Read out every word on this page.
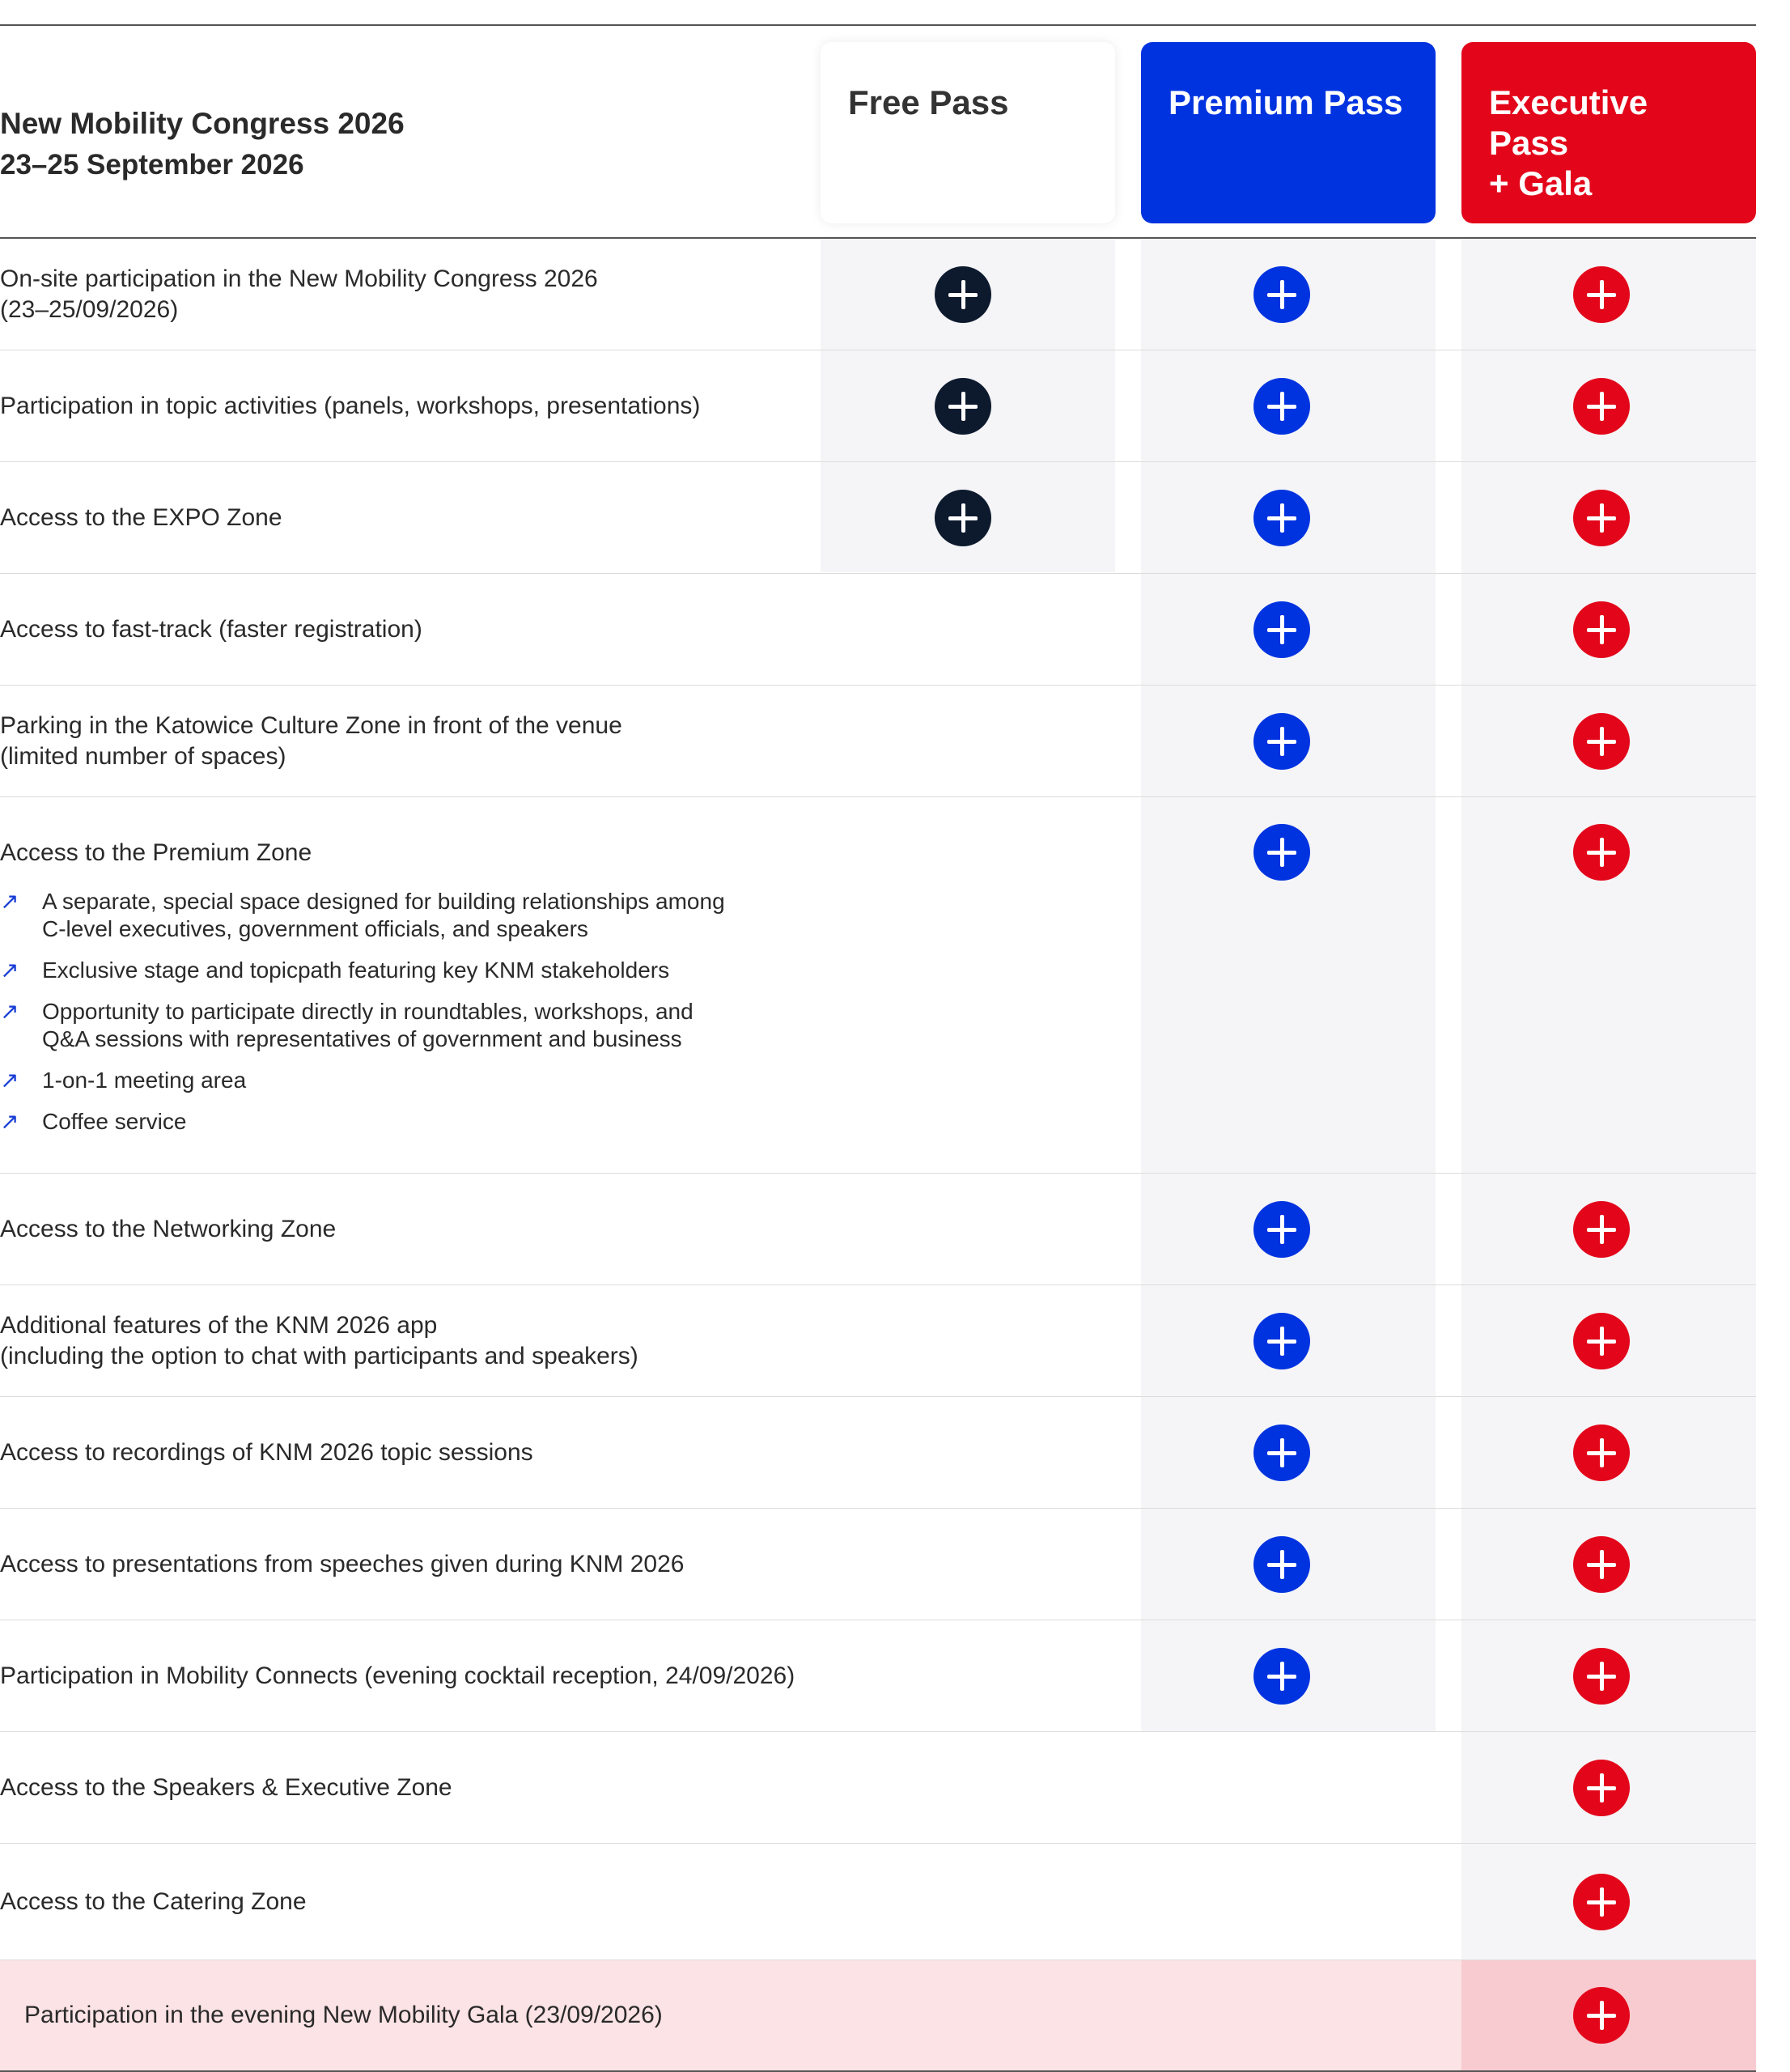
New Mobility Congress 2026
23–25 September 2026
Free Pass	Premium Pass	Executive Pass
+ Gala
On-site participation in the New Mobility Congress 2026
(23–25/09/2026)
Participation in topic activities (panels, workshops, presentations)
Access to the EXPO Zone
Access to fast-track (faster registration)
Parking in the Katowice Culture Zone in front of the venue
(limited number of spaces)
Access to the Premium Zone
↗ A separate, special space designed for building relationships among
C-level executives, government officials, and speakers
↗ Exclusive stage and topicpath featuring key KNM stakeholders
↗ Opportunity to participate directly in roundtables, workshops, and
Q&A sessions with representatives of government and business
↗ 1-on-1 meeting area
↗ Coffee service
Access to the Networking Zone
Additional features of the KNM 2026 app
(including the option to chat with participants and speakers)
Access to recordings of KNM 2026 topic sessions
Access to presentations from speeches given during KNM 2026
Participation in Mobility Connects (evening cocktail reception, 24/09/2026)
Access to the Speakers & Executive Zone
Access to the Catering Zone
Participation in the evening New Mobility Gala (23/09/2026)
